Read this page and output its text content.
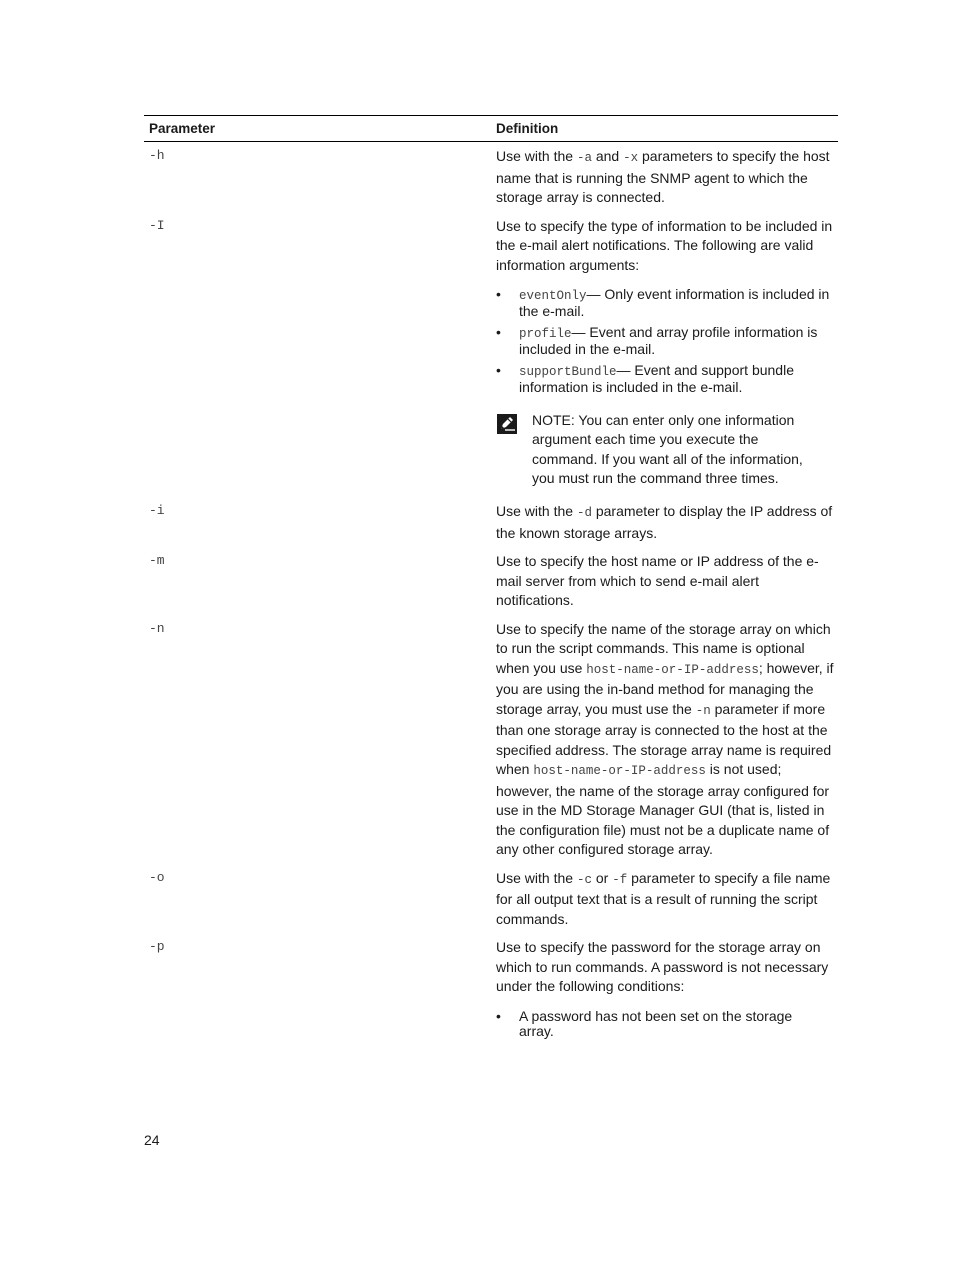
Parameter	Definition
-h	Use with the -a and -x parameters to specify the host name that is running the SNMP agent to which the storage array is connected.

-I	Use to specify the type of information to be included in the e-mail alert notifications. The following are valid information arguments:

• eventOnly— Only event information is included in the e-mail.
• profile— Event and array profile information is included in the e-mail.
• supportBundle— Event and support bundle information is included in the e-mail.
NOTE: You can enter only one information argument each time you execute the command. If you want all of the information, you must run the command three times.
-i	Use with the -d parameter to display the IP address of the known storage arrays.

-m	Use to specify the host name or IP address of the e-mail server from which to send e-mail alert notifications.

-n	Use to specify the name of the storage array on which to run the script commands. This name is optional when you use host-name-or-IP-address; however, if you are using the in-band method for managing the storage array, you must use the -n parameter if more than one storage array is connected to the host at the specified address. The storage array name is required when host-name-or-IP-address is not used; however, the name of the storage array configured for use in the MD Storage Manager GUI (that is, listed in the configuration file) must not be a duplicate name of any other configured storage array.

-o	Use with the -c or -f parameter to specify a file name for all output text that is a result of running the script commands.

-p	Use to specify the password for the storage array on which to run commands. A password is not necessary under the following conditions:

• A password has not been set on the storage array.
24
